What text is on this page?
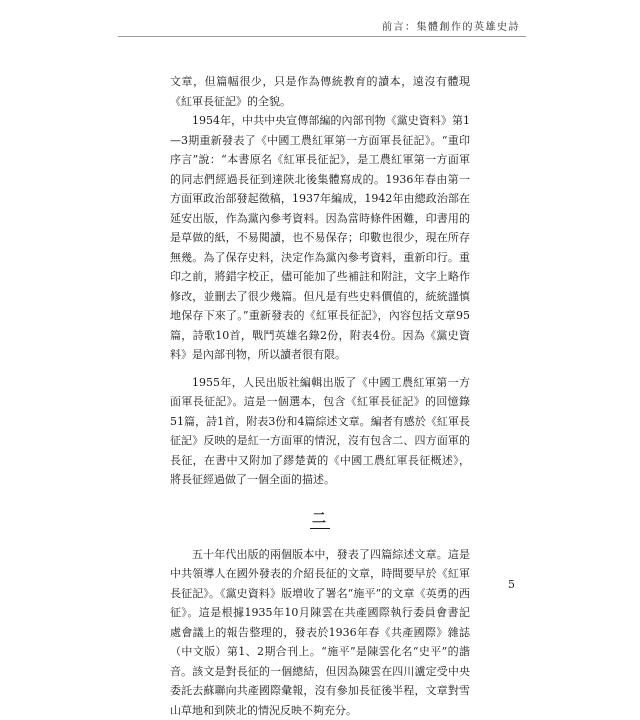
前言：集體創作的英雄史詩

文章，但篇幅很少，只是作為傳統教育的讀本，遠沒有體現《紅軍長征記》的全貌。

1954年，中共中央宣傳部編的內部刊物《黨史資料》第1—3期重新發表了《中國工農紅軍第一方面軍長征記》。“重印序言”說：“本書原名《紅軍長征記》，是工農紅軍第一方面軍的同志們經過長征到達陝北後集體寫成的。1936年春由第一方面軍政治部發起徵稿，1937年編成，1942年由總政治部在延安出版，作為黨內參考資料。因為當時條件困難，印書用的是草做的紙，不易閱讀，也不易保存；印數也很少，現在所存無幾。為了保存史料，決定作為黨內參考資料，重新印行。重印之前，將錯字校正，儘可能加了些補註和附註，文字上略作修改，並刪去了很少幾篇。但凡是有些史料價值的，統統謹慎地保存下來了。”重新發表的《紅軍長征記》，內容包括文章95篇，詩歌10首，戰鬥英雄名錄2份，附表4份。因為《黨史資料》是內部刊物，所以讀者很有限。

1955年，人民出版社編輯出版了《中國工農紅軍第一方面軍長征記》。這是一個選本，包含《紅軍長征記》的回憶錄51篇，詩1首，附表3份和4篇綜述文章。編者有感於《紅軍長征記》反映的是紅一方面軍的情況，沒有包含二、四方面軍的長征，在書中又附加了繆楚黃的《中國工農紅軍長征概述》，將長征經過做了一個全面的描述。

二

五十年代出版的兩個版本中，發表了四篇綜述文章。這是中共領導人在國外發表的介紹長征的文章，時間要早於《紅軍長征記》。《黨史資料》版增收了署名“施平”的文章《英勇的西征》。這是根據1935年10月陳雲在共產國際執行委員會書記處會議上的報告整理的，發表於1936年春《共產國際》雜誌（中文版）第1、2期合刊上。“施平”是陳雲化名“史平”的諧音。該文是對長征的一個總結，但因為陳雲在四川瀘定受中央委託去蘇聯向共產國際彙報，沒有參加長征後半程，文章對雪山草地和到陝北的情況反映不夠充分。

5
